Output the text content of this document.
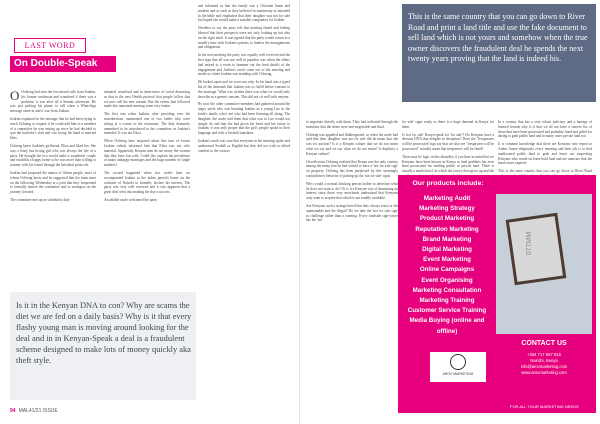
LAST WORD
On Double-Speak

O Ochieng had seen the few mixed calls from Joakim, his former workmate and wondered if there was a problem; it was after all a Sunday afternoon. He was just picking his phone to call when a WhatsApp message came in and it was from Joakim.

Joakim explained in the message that he had been trying to reach Ochieng to request if he could add him to a member of a committee he was setting up since he had decided to quit the bachelor's club and was trying his hand at married bliss.

Ochieng knew Joakim's girlfriend, Eliza and liked her. She was a feisty fun loving girl who was always the life of a party. He thought the two would make a wonderful couple and establish a happy home so he was more than willing to journey with his friend through the betrothal protocols.

Joakim had proposed the names of fifteen people, most of whom Ochieng knew and he suggested that the team meet on the following Wednesday at a joint that they frequented to formally launch the committee and to strategise on the journey forward.

The committee met up as scheduled, duly

minuted, sensitised and in observance of social distancing so that to the new Health protocol that people follow that we now call the new normal. But the events that followed made this unnatural meeting seem very tennis.

The first was when Joakim, after presiding over the introductions, summoned one of two ladies who were sitting at a corner to the restaurant. The lady demurely unmasked to be introduced to the committee as Joakim's intended. It was not Eliza.

When Ochieng later enquired about this turn of events Joakim calmly informed him that Eliza was not wife material. Apparently Kenyan men do not marry the women that they have fun with. Could this explain the prevalence of many unhappy marriages and the huge number of single mothers?

The second happened when two weeks later we accompanied Joakim to the ladies parent's home on the outskirts of Nairobi to formally declare his interest. The party was very well received and it was apparent that a great deal went into making the day a success.

An affable uncle welcomed the party

Is it in the Kenyan DNA to con? Why are scams the diet we are fed on a daily basis? Why is it that every flashy young man is moving around looking for the deal and in in Kenyan-Speak a deal is a fraudulent scheme designed to make lots of money quickly aka theft style.

and informed us that the family was a Christian home and modern and as such as they believed in matrimony as intended in the bible and emphasise that their daughter was not for sale but hoped she would make a suitable companion for Joakim.

Needless to say the party left that meeting elated and feeling blessed that their prospects were not only looking up but also on the right track. It was agreed that the party would return in a month's time with Joakim's parents to finalise the arrangements and obligations.

In the next meeting the party was equally well received and the first sign that all was not well in paradise was when the elders had retired to a room to hammer out the final details of the engagement and Joakim's uncle came out of the meeting and strode to where Joakim was standing with Ochieng.

He looked upset and we soon saw why. In his hand was a typed list of the demands that Joakim was to fulfill before consent to the marriage. What was written there was what we would only describe as a generic ransom. This did not sit well with anyone.

By now the other committee members had gathered around the angry uncle who was berating Joakim as a young Luo in the bride's family who's not who had been listening all along. The daughter, the uncle told them that what was in Luo would not simply do and that she had given her heart and her future to Joakim; it was only proper that the girl's people spoke in their language and with a Swahili translator.

Joakim's uncle was sure that everyone in the meeting spoke and understood Swahili or English but they did not wish to afford comfort to the visitors

94 MAL41/21 ISSUE

to negotiate directly with them. They had indicated through the translator that the items were non-negotiable and final.

Ochieng was appalled and flabbergasted, so when the uncle had said that their daughter was not for sale did he mean that she was for auction? Is it a Kenyan culture that we do not mean what we say and we say what we do not mean? Is duplicity a Kenyan culture?

On reflection Ochieng realized that Kenya was the only country among the many that he had visited to have a 'not for sale sign' on property. Ochieng has been perplexed by this seemingly contradictory behavior of putting up the 'not for sale' signs.

Why would a normal thinking person bother to advertise what he does not want to do? Or is it a Kenyan way of drumming up interest since these very merchants understand that Kenyans only want to acquire that which is not readily available.

Are Kenyans such a strange breed that they always resist or the unattainable and the illegal? Do we take the 'not for sale sign' as challenge rather than a warning. Every roadside sign-writer has the 'not

This is the same country that you can go down to River Road and print a land title and use the fake document to sell land which is not yours and somehow when the true owner discovers the fraudulent deal he spends the next twenty years proving that the land is indeed his.

for sale' signs ready as there is a huge demand in Kenya for them.

Is 'not for sale' Kenya-speak for 'for sale'? Do Kenyans have a devious DNA that delights in deception? Does the 'Trespassers will be prosecuted' sign say that we also see "trespassers will be prosecuted" actually mean that trespassers will be fined?

There may be logic in this absurdity if you bear in mind that we Kenyans have been known in Kenya as land grabbers has ever been prosecuted for stealing public or private land. There is usually a media howl, in which the outcry then gives up and the

In a country that has a very robust judiciary and a barrage of learned friends why is it that we do not have a sincere list of those that have been prosecuted and probably fined and jailed for daring to grab public land and in many cases private land too.

It is common knowledge that there are Kenyans who report to Arabic house religiously every morning and their job is to find unallocated public land to grab and fence out suspecting Kenyans who reside on lease-hold land and are unaware that the leases have expired.

This is the same country that you can go down to River Road

Our products include:
Marketing Audit
Marketing Strategy
Product Marketing
Reputation Marketing
Brand Marketing
Digital Marketing
Event Marketing
Online Campaigns
Event Organising
Marketing Consultation
Marketing Training
Customer Service Training
Media Buying (online and offline)
077MM
CONTACT US
+254 717 557 916
Nairobi, Kenya
info@arovmarketing.com
www.arovmarketing.com
AROV MARKETING
FOR ALL YOUR MARKETING NEEDS
